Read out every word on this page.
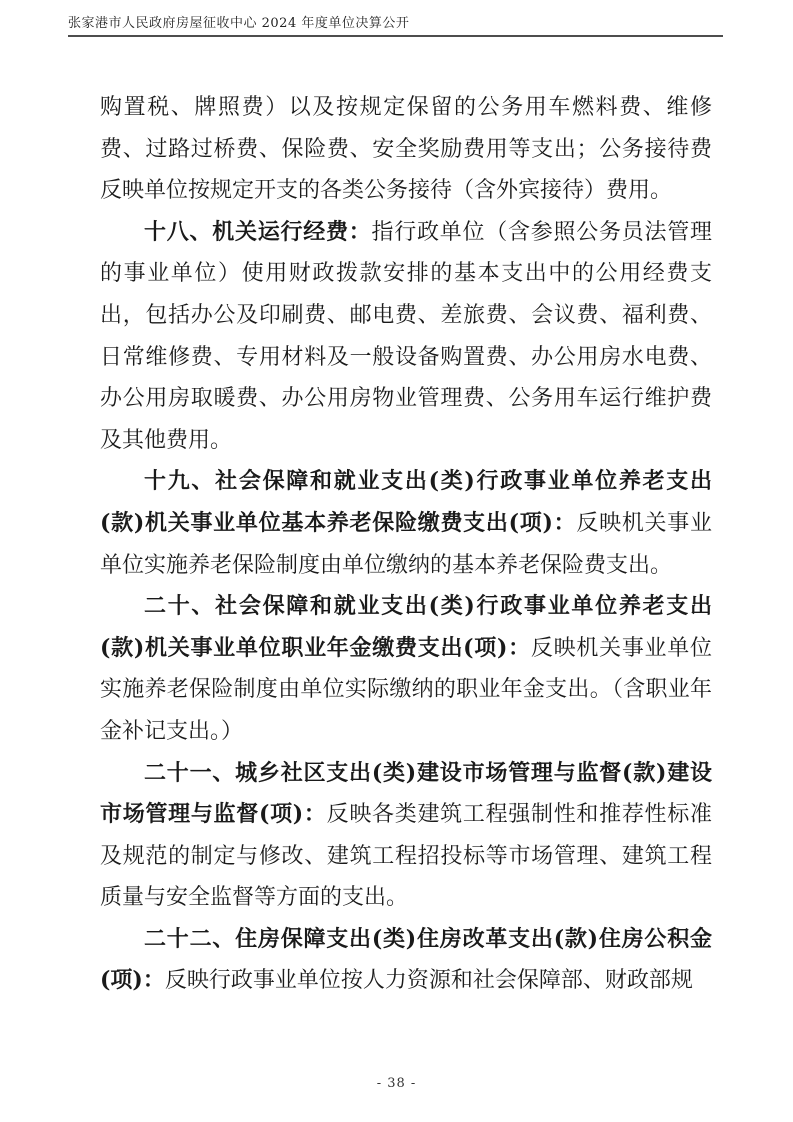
张家港市人民政府房屋征收中心 2024 年度单位决算公开

购置税、牌照费）以及按规定保留的公务用车燃料费、维修费、过路过桥费、保险费、安全奖励费用等支出；公务接待费反映单位按规定开支的各类公务接待（含外宾接待）费用。

十八、机关运行经费：指行政单位（含参照公务员法管理的事业单位）使用财政拨款安排的基本支出中的公用经费支出，包括办公及印刷费、邮电费、差旅费、会议费、福利费、日常维修费、专用材料及一般设备购置费、办公用房水电费、办公用房取暖费、办公用房物业管理费、公务用车运行维护费及其他费用。

十九、社会保障和就业支出(类)行政事业单位养老支出(款)机关事业单位基本养老保险缴费支出(项)：反映机关事业单位实施养老保险制度由单位缴纳的基本养老保险费支出。

二十、社会保障和就业支出(类)行政事业单位养老支出(款)机关事业单位职业年金缴费支出(项)：反映机关事业单位实施养老保险制度由单位实际缴纳的职业年金支出。（含职业年金补记支出。）

二十一、城乡社区支出(类)建设市场管理与监督(款)建设市场管理与监督(项)：反映各类建筑工程强制性和推荐性标准及规范的制定与修改、建筑工程招投标等市场管理、建筑工程质量与安全监督等方面的支出。

二十二、住房保障支出(类)住房改革支出(款)住房公积金(项)：反映行政事业单位按人力资源和社会保障部、财政部规

- 38 -
